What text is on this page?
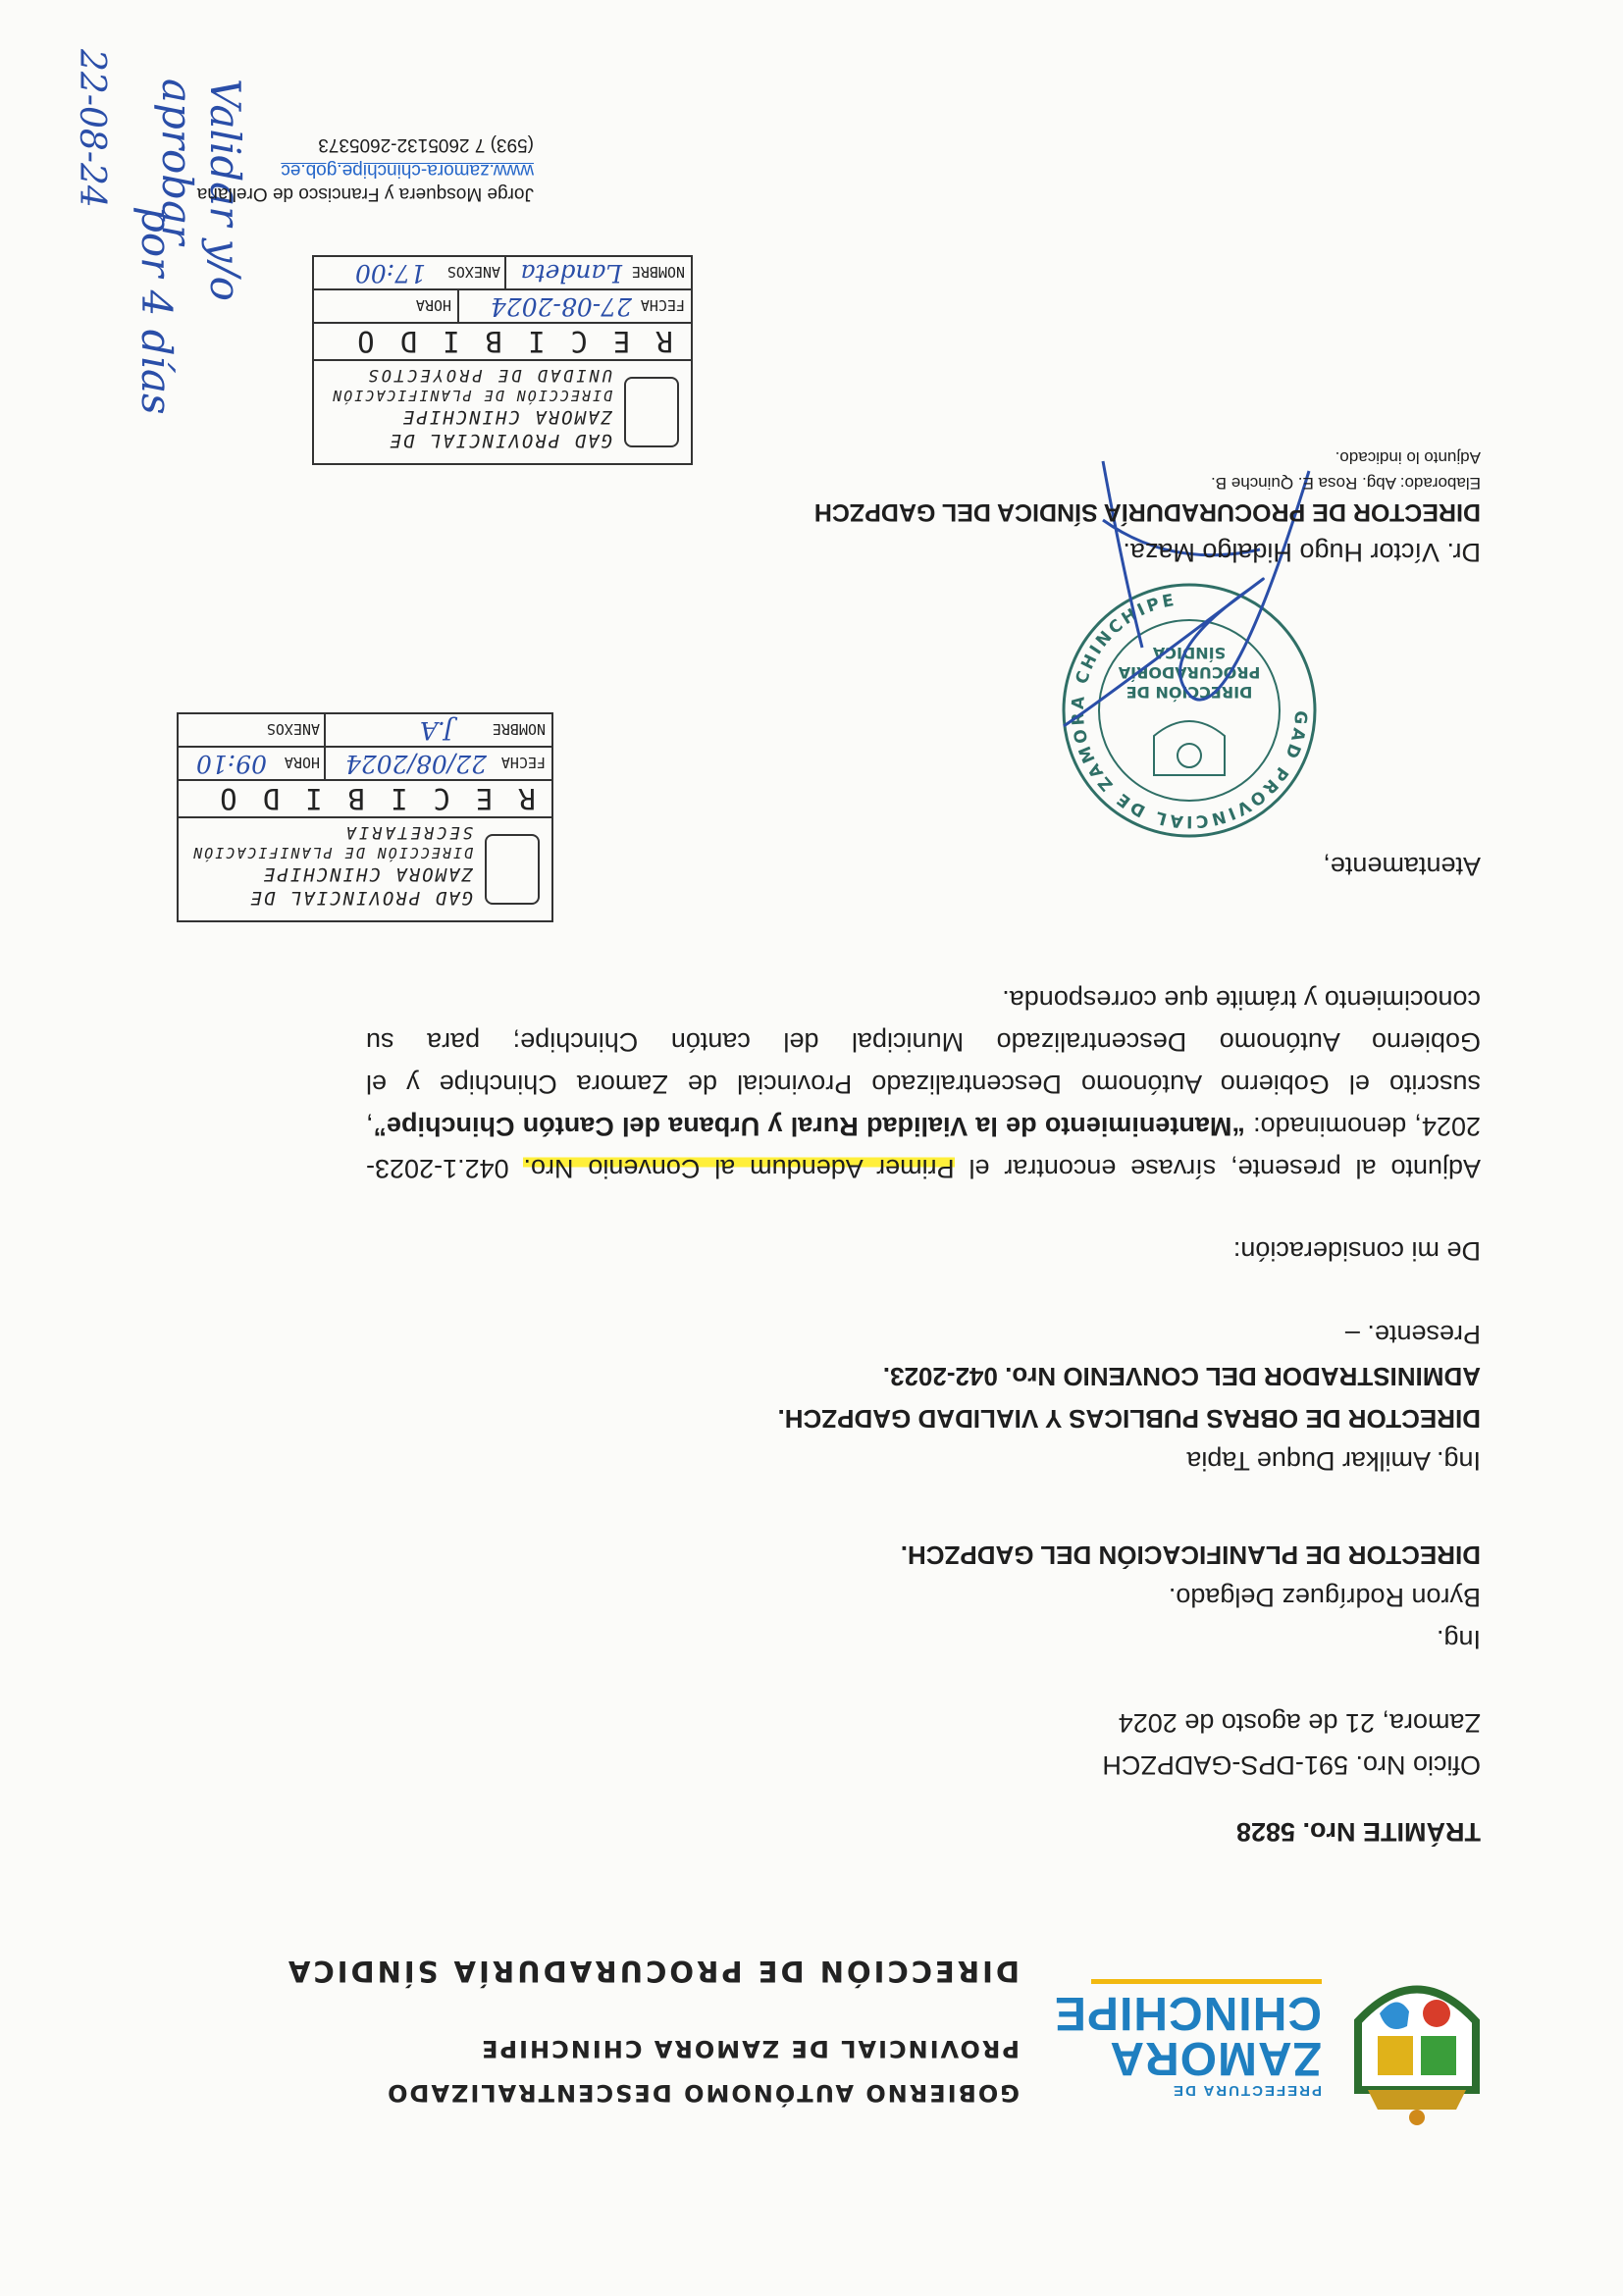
PREFECTURA DE
ZAMORA
CHINCHIPE
GOBIERNO AUTÓNOMO DESCENTRALIZADO
PROVINCIAL DE ZAMORA CHINCHIPE
DIRECCIÓN DE PROCURADURÍA SÍNDICA
TRÁMITE Nro. 5828
Oficio Nro. 591-DPS-GADPZCH
Zamora, 21 de agosto de 2024
Ing.
Byron Rodríguez Delgado.
DIRECTOR DE PLANIFICACIÓN DEL GADPZCH.
Ing. Amilkar Duque Tapia
DIRECTOR DE OBRAS PUBLICAS Y VIALIDAD GADPZCH.
ADMINISTRADOR DEL CONVENIO Nro. 042-2023.
Presente. –
De mi consideración:
Adjunto al presente, sírvase encontrar el Primer Adendum al Convenio Nro. 042.1-2023-
2024, denominado: “Mantenimiento de la Vialidad Rural y Urbana del Cantón Chinchipe”,
suscrito el Gobierno Autónomo Descentralizado Provincial de Zamora Chinchipe y el
Gobierno Autónomo Descentralizado Municipal del cantón Chinchipe; para su
conocimiento y trámite que corresponda.
Atentamente,
GAD PROVINCIAL DE ZAMORA CHINCHIPE
DIRECCIÓN DE
PROCURADORÍA
SÍNDICA
Dr. Víctor Hugo Hidalgo Maza.
DIRECTOR DE PROCURADURÍA SÍNDICA DEL GADPZCH
Elaborado: Abg. Rosa E. Quinche B.
Adjunto lo indicado.
GAD PROVINCIAL DE
ZAMORA CHINCHIPE
DIRECCIÓN DE PLANIFICACIÓN
SECRETARIA
RECIBIDO
FECHA
22/08/2024
HORA
09:10
NOMBRE
J.A
ANEXOS
GAD PROVINCIAL DE
ZAMORA CHINCHIPE
DIRECCIÓN DE PLANIFICACIÓN
UNIDAD DE PROYECTOS
RECIBIDO
FECHA
27-08-2024
HORA
NOMBRE
Landeta
ANEXOS
17:00
Validar y/o aprobar
por 4 días
22-08-24	Jorge Mosquera y Francisco de Orellana
www.zamora-chinchipe.gob.ec
(593) 7 2605132-2605373
